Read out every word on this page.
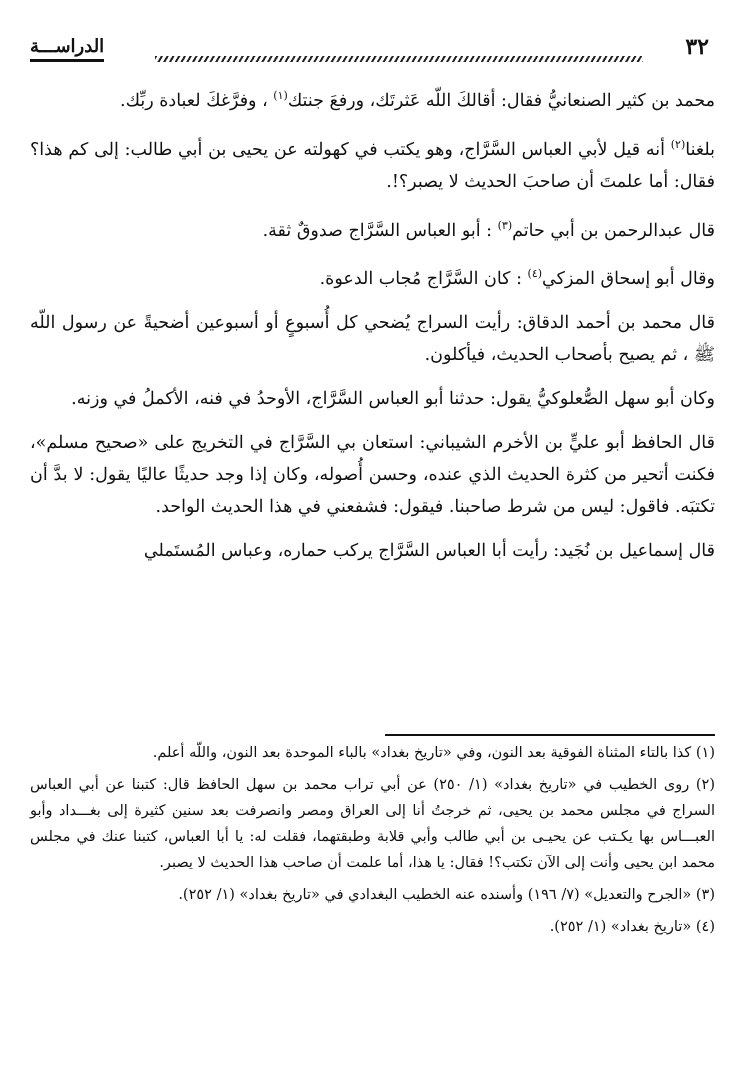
٣٢
الدراســـة

محمد بن كثير الصنعانيُّ فقال: أقالكَ اللّه عَثرتَك، ورفعَ جنتك$^{(١)}$ ، وفرَّغكَ لعبادة ربِّك.

بلغنا$^{(٢)}$ أنه قيل لأبي العباس السَّرَّاج، وهو يكتب في كهولته عن يحيى بن أبي طالب: إلى كم هذا؟ فقال: أما علمتَ أن صاحبَ الحديث لا يصبر؟!.

قال عبدالرحمن بن أبي حاتم$^{(٣)}$ : أبو العباس السَّرَّاج صدوقٌ ثقة.

وقال أبو إسحاق المزكي$^{(٤)}$ : كان السَّرَّاج مُجاب الدعوة.

قال محمد بن أحمد الدقاق: رأيت السراج يُضحي كل أُسبوعٍ أو أسبوعين أضحيةً عن رسول اللّه ﷺ ، ثم يصيح بأصحاب الحديث، فيأكلون.

وكان أبو سهل الصُّعلوكيُّ يقول: حدثنا أبو العباس السَّرَّاج، الأوحدُ في فنه، الأكملُ في وزنه.

قال الحافظ أبو عليٍّ بن الأخرم الشيباني: استعان بي السَّرَّاج في التخريج على «صحيح مسلم»، فكنت أتحير من كثرة الحديث الذي عنده، وحسن أُصوله، وكان إذا وجد حديثًا عاليًا يقول: لا بدَّ أن تكتبَه. فاقول: ليس من شرط صاحبنا. فيقول: فشفعني في هذا الحديث الواحد.

قال إسماعيل بن نُجَيد: رأيت أبا العباس السَّرَّاج يركب حماره، وعباس المُستَملي

(١) كذا بالتاء المثناة الفوقية بعد النون، وفي «تاريخ بغداد» بالباء الموحدة بعد النون، واللّه أعلم.
(٢) روى الخطيب في «تاريخ بغداد» (١/ ٢٥٠) عن أبي تراب محمد بن سهل الحافظ قال: كتبنا عن أبي العباس السراج في مجلس محمد بن يحيى، ثم خرجتُ أنا إلى العراق ومصر وانصرفت بعد سنين كثيرة إلى بغـــداد وأبو العبـــاس بها يكـتب عن يحيـى بن أبي طالب وأبي قلابة وطبقتهما، فقلت له: يا أبا العباس، كتبنا عنك في مجلس محمد ابن يحيى وأنت إلى الآن تكتب؟! فقال: يا هذا، أما علمت أن صاحب هذا الحديث لا يصبر.
(٣) «الجرح والتعديل» (٧/ ١٩٦) وأسنده عنه الخطيب البغدادي في «تاريخ بغداد» (١/ ٢٥٢).
(٤) «تاريخ بغداد» (١/ ٢٥٢).
